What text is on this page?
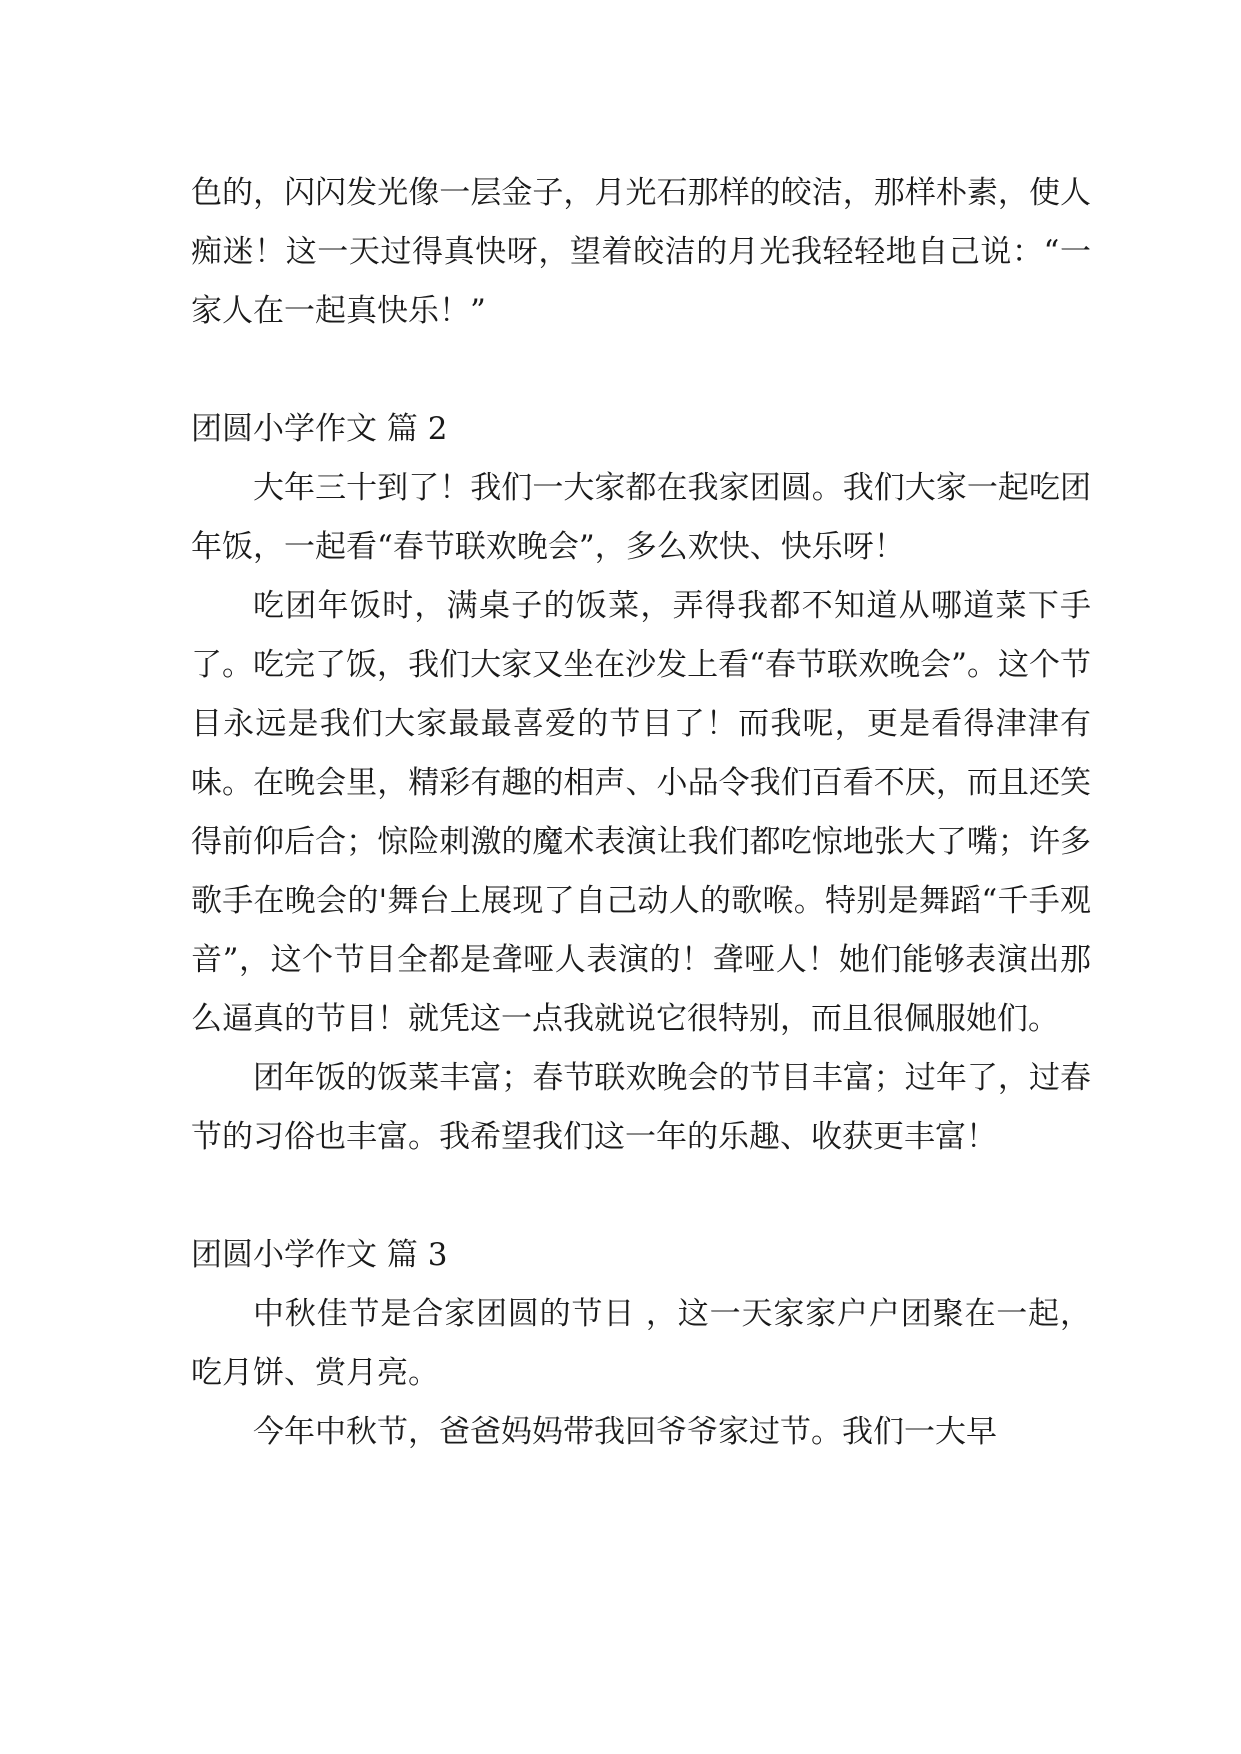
色的，闪闪发光像一层金子，月光石那样的皎洁，那样朴素，使人痴迷！这一天过得真快呀，望着皎洁的月光我轻轻地自己说：“一家人在一起真快乐！”

团圆小学作文 篇 2

大年三十到了！我们一大家都在我家团圆。我们大家一起吃团年饭，一起看“春节联欢晚会”，多么欢快、快乐呀！

吃团年饭时，满桌子的饭菜，弄得我都不知道从哪道菜下手了。吃完了饭，我们大家又坐在沙发上看“春节联欢晚会”。这个节目永远是我们大家最最喜爱的节目了！而我呢，更是看得津津有味。在晚会里，精彩有趣的相声、小品令我们百看不厌，而且还笑得前仰后合；惊险刺激的魔术表演让我们都吃惊地张大了嘴；许多歌手在晚会的'舞台上展现了自己动人的歌喉。特别是舞蹈“千手观音”，这个节目全都是聋哑人表演的！聋哑人！她们能够表演出那么逼真的节目！就凭这一点我就说它很特别，而且很佩服她们。

团年饭的饭菜丰富；春节联欢晚会的节目丰富；过年了，过春节的习俗也丰富。我希望我们这一年的乐趣、收获更丰富！

团圆小学作文 篇 3

中秋佳节是合家团圆的节日 ，这一天家家户户团聚在一起，吃月饼、赏月亮。

今年中秋节，爸爸妈妈带我回爷爷家过节。我们一大早
